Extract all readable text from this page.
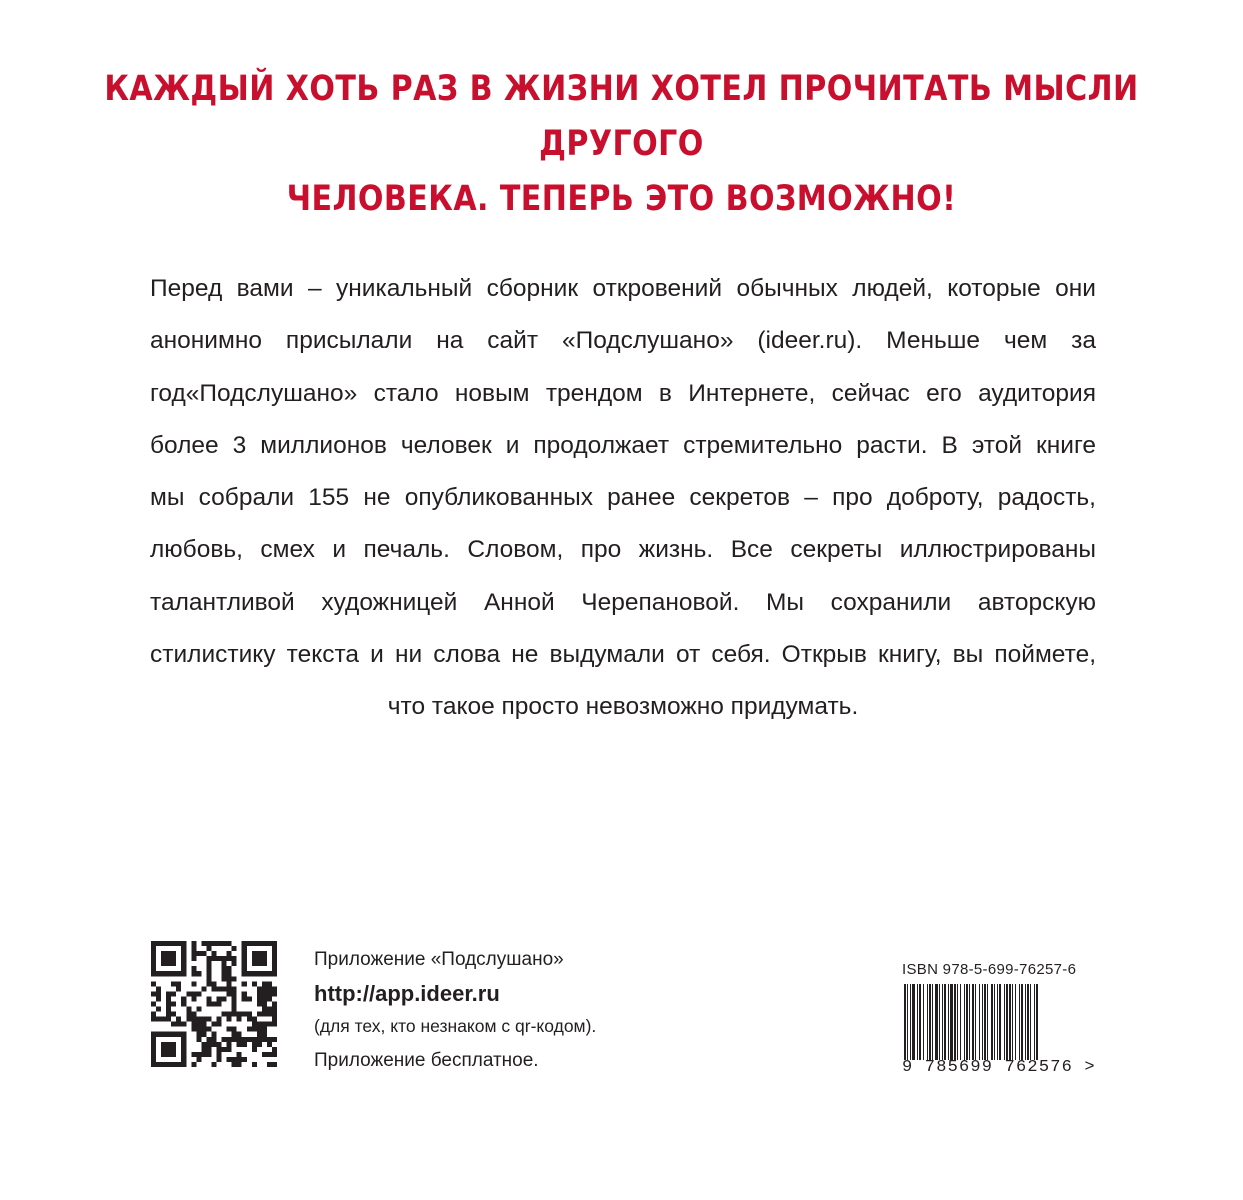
КАЖДЫЙ ХОТЬ РАЗ В ЖИЗНИ ХОТЕЛ ПРОЧИТАТЬ МЫСЛИ ДРУГОГО
ЧЕЛОВЕКА. ТЕПЕРЬ ЭТО ВОЗМОЖНО!
Перед вами – уникальный сборник откровений обычных людей, которые они
анонимно присылали на сайт «Подслушано» (ideer.ru). Меньше чем за
год«Подслушано» стало новым трендом в Интернете, сейчас его аудитория
более 3 миллионов человек и продолжает стремительно расти. В этой книге
мы собрали 155 не опубликованных ранее секретов – про доброту, радость,
любовь, смех и печаль. Словом, про жизнь. Все секреты иллюстрированы
талантливой художницей Анной Черепановой. Мы сохранили авторскую
стилистику текста и ни слова не выдумали от себя. Открыв книгу, вы поймете,
что такое просто невозможно придумать.
Приложение «Подслушано»
http://app.ideer.ru
(для тех, кто незнаком с qr-кодом).
Приложение бесплатное.
ISBN 978-5-699-76257-6
9 785699 762576 >
